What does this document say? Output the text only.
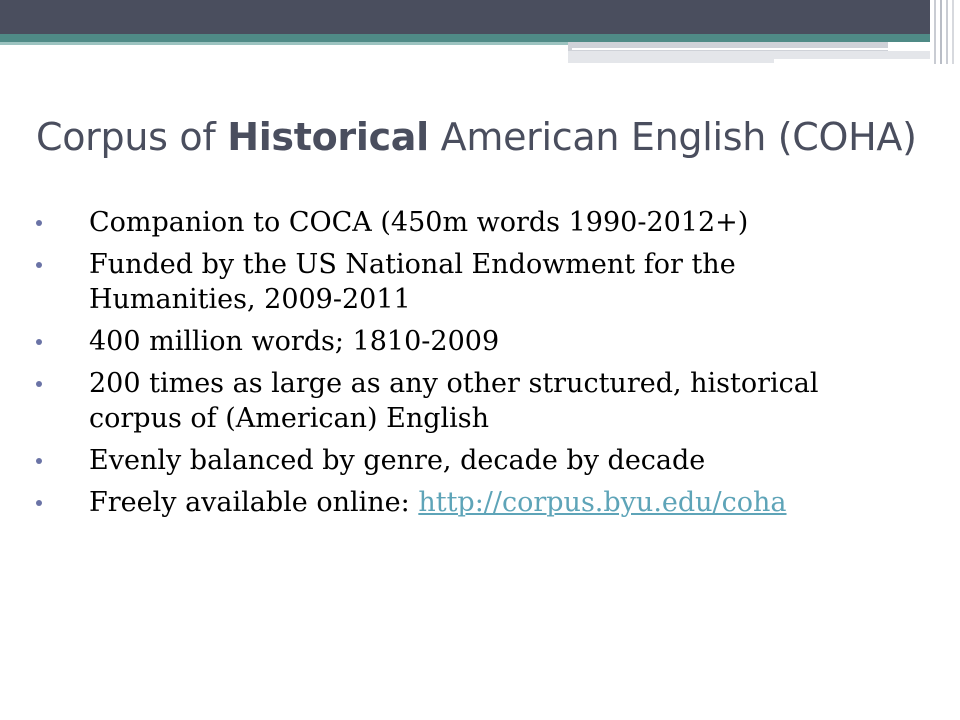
Corpus of Historical American English (COHA)
Companion to COCA (450m words 1990-2012+)
Funded by the US National Endowment for the Humanities, 2009-2011
400 million words; 1810-2009
200 times as large as any other structured, historical corpus of (American) English
Evenly balanced by genre, decade by decade
Freely available online: http://corpus.byu.edu/coha
